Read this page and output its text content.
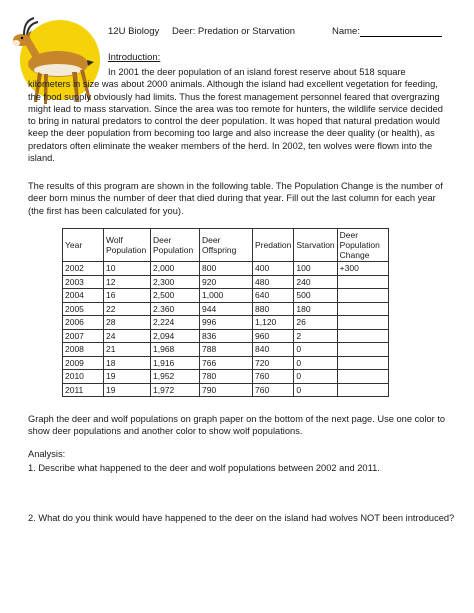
12U Biology Deer: Predation or Starvation	Name:
Introduction:
In 2001 the deer population of an island forest reserve about 518 square kilometers in size was about 2000 animals. Although the island had excellent vegetation for feeding, the food supply obviously had limits. Thus the forest management personnel feared that overgrazing might lead to mass starvation. Since the area was too remote for hunters, the wildlife service decided to bring in natural predators to control the deer population. It was hoped that natural predation would keep the deer population from becoming too large and also increase the deer quality (or health), as predators often eliminate the weaker members of the herd. In 2002, ten wolves were flown into the island.
The results of this program are shown in the following table. The Population Change is the number of deer born minus the number of deer that died during that year. Fill out the last column for each year (the first has been calculated for you).
Year	Wolf Population	Deer Population	Deer Offspring	Predation	Starvation	Deer Population Change
2002	10	2,000	800	400	100	+300
2003	12	2,300	920	480	240	
2004	16	2,500	1,000	640	500	
2005	22	2.360	944	880	180	
2006	28	2,224	996	1,120	26	
2007	24	2,094	836	960	2	
2008	21	1,968	788	840	0	
2009	18	1,916	766	720	0	
2010	19	1,952	780	760	0	
2011	19	1,972	790	760	0	
Graph the deer and wolf populations on graph paper on the bottom of the next page. Use one color to show deer populations and another color to show wolf populations.
Analysis:
1. Describe what happened to the deer and wolf populations between 2002 and 2011.
2. What do you think would have happened to the deer on the island had wolves NOT been introduced?
